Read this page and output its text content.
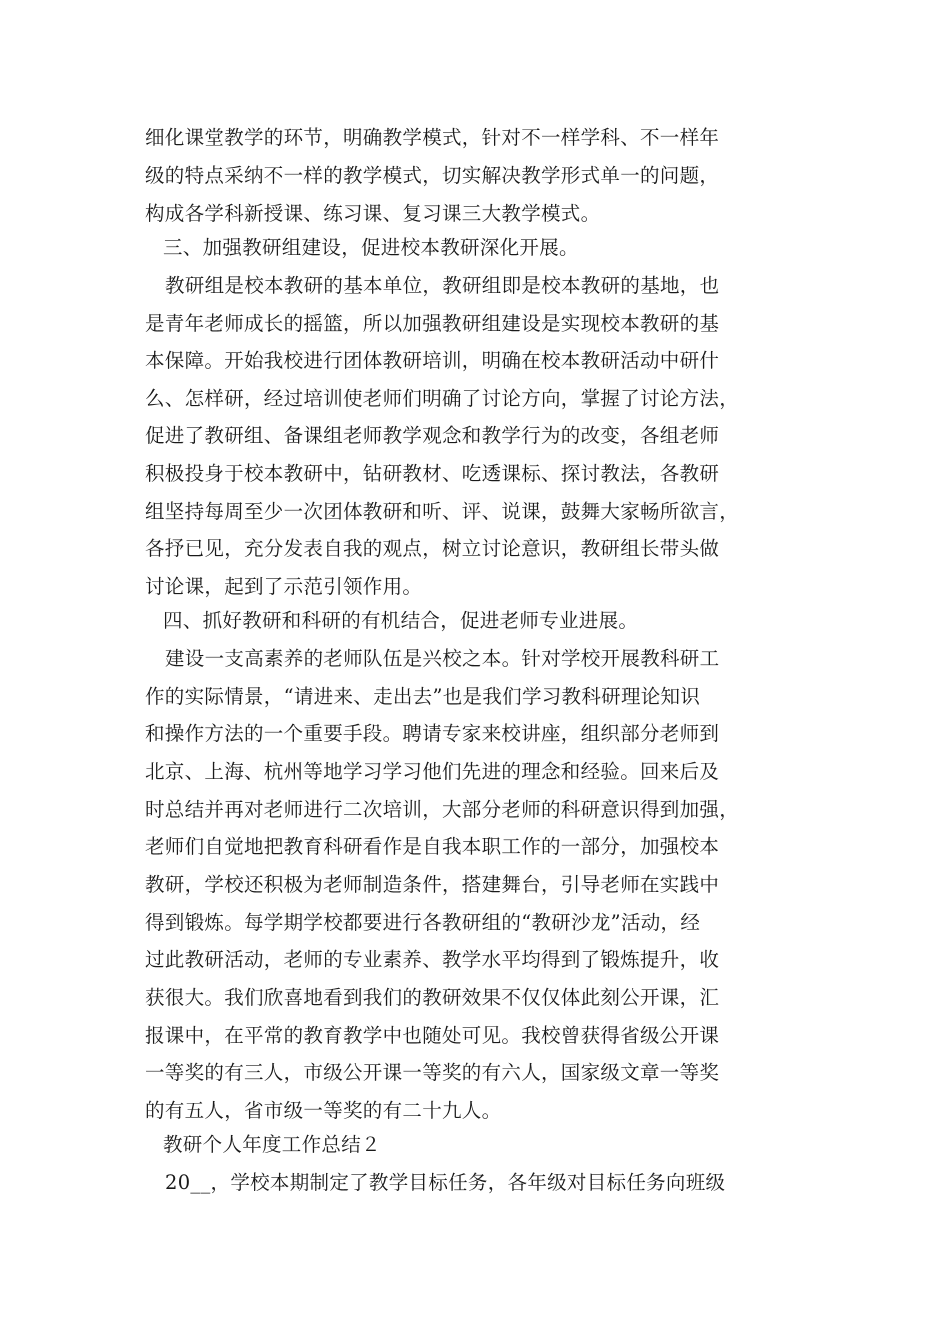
细化课堂教学的环节，明确教学模式，针对不一样学科、不一样年
级的特点采纳不一样的教学模式，切实解决教学形式单一的问题，
构成各学科新授课、练习课、复习课三大教学模式。
三、加强教研组建设，促进校本教研深化开展。
教研组是校本教研的基本单位，教研组即是校本教研的基地，也
是青年老师成长的摇篮，所以加强教研组建设是实现校本教研的基
本保障。开始我校进行团体教研培训，明确在校本教研活动中研什
么、怎样研，经过培训使老师们明确了讨论方向，掌握了讨论方法，
促进了教研组、备课组老师教学观念和教学行为的改变，各组老师
积极投身于校本教研中，钻研教材、吃透课标、探讨教法，各教研
组坚持每周至少一次团体教研和听、评、说课，鼓舞大家畅所欲言，
各抒已见，充分发表自我的观点，树立讨论意识，教研组长带头做
讨论课，起到了示范引领作用。
四、抓好教研和科研的有机结合，促进老师专业进展。
建设一支高素养的老师队伍是兴校之本。针对学校开展教科研工
作的实际情景，“请进来、走出去”也是我们学习教科研理论知识
和操作方法的一个重要手段。聘请专家来校讲座，组织部分老师到
北京、上海、杭州等地学习学习他们先进的理念和经验。回来后及
时总结并再对老师进行二次培训，大部分老师的科研意识得到加强，
老师们自觉地把教育科研看作是自我本职工作的一部分，加强校本
教研，学校还积极为老师制造条件，搭建舞台，引导老师在实践中
得到锻炼。每学期学校都要进行各教研组的“教研沙龙”活动，经
过此教研活动，老师的专业素养、教学水平均得到了锻炼提升，收
获很大。我们欣喜地看到我们的教研效果不仅仅体此刻公开课，汇
报课中，在平常的教育教学中也随处可见。我校曾获得省级公开课
一等奖的有三人，市级公开课一等奖的有六人，国家级文章一等奖
的有五人，省市级一等奖的有二十九人。
教研个人年度工作总结２
20__，学校本期制定了教学目标任务，各年级对目标任务向班级
